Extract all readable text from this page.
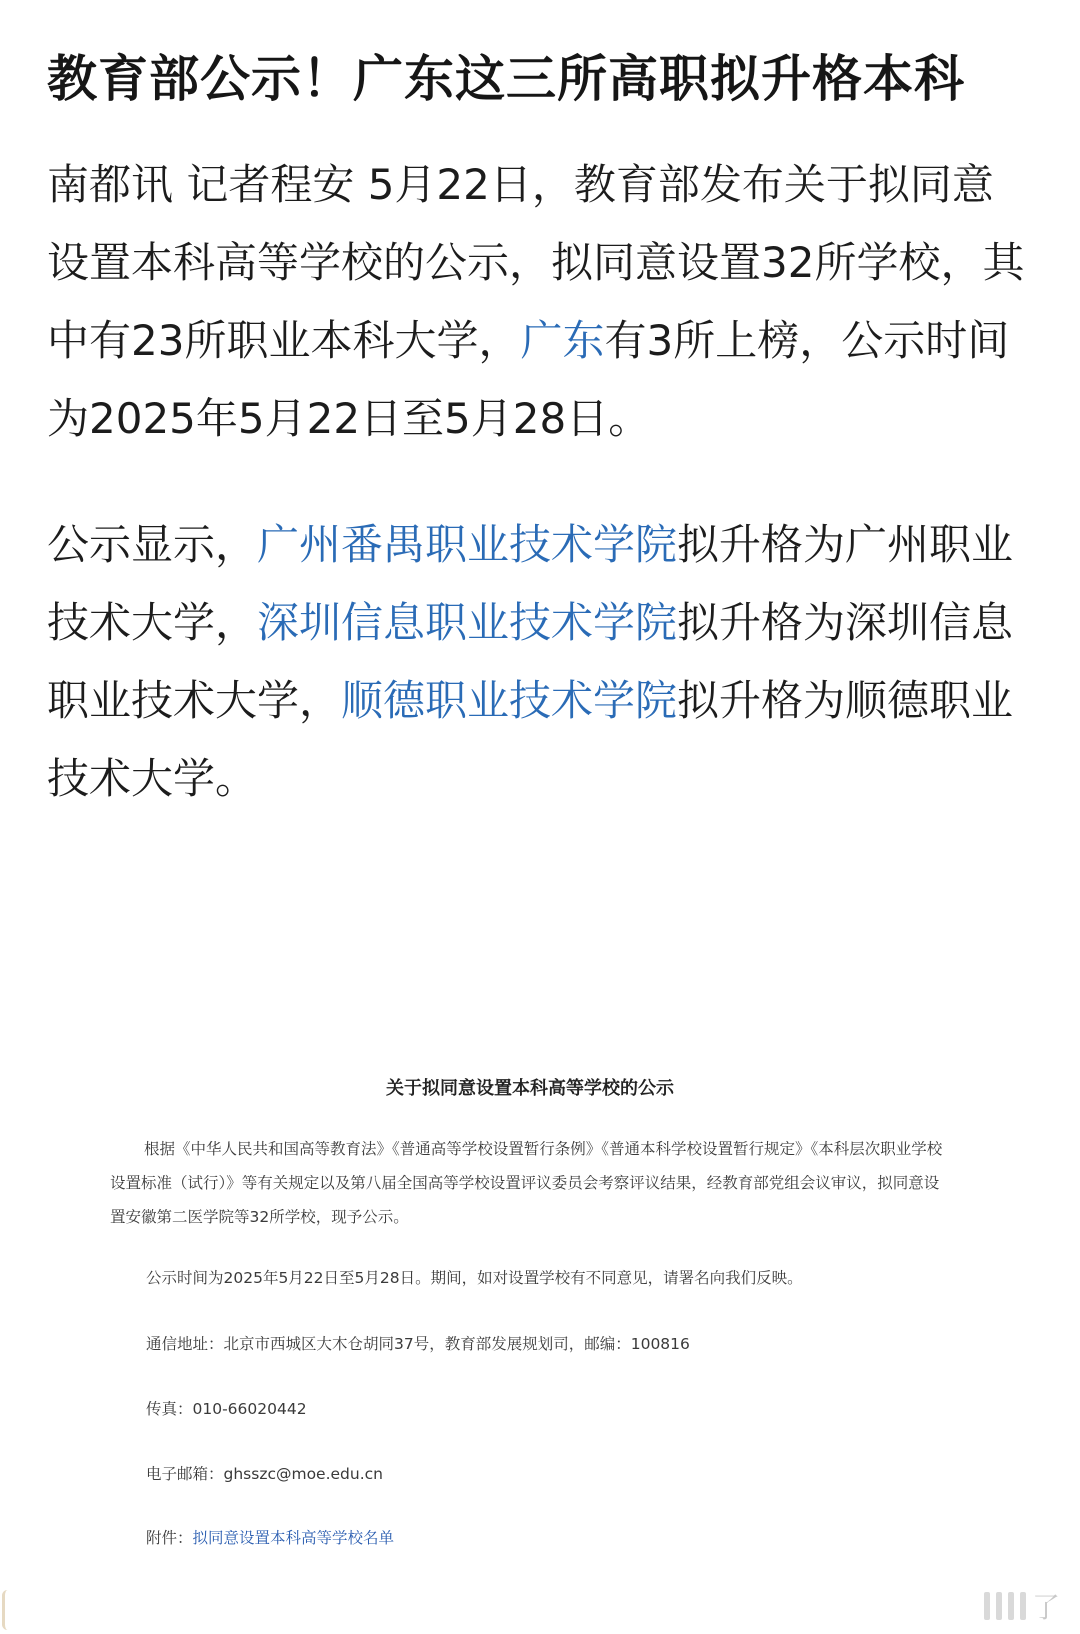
教育部公示！广东这三所高职拟升格本科

南都讯 记者程安 5月22日，教育部发布关于拟同意设置本科高等学校的公示，拟同意设置32所学校，其中有23所职业本科大学，广东有3所上榜，公示时间为2025年5月22日至5月28日。

公示显示，广州番禺职业技术学院拟升格为广州职业技术大学，深圳信息职业技术学院拟升格为深圳信息职业技术大学，顺德职业技术学院拟升格为顺德职业技术大学。

关于拟同意设置本科高等学校的公示

根据《中华人民共和国高等教育法》《普通高等学校设置暂行条例》《普通本科学校设置暂行规定》《本科层次职业学校设置标准（试行）》等有关规定以及第八届全国高等学校设置评议委员会考察评议结果，经教育部党组会议审议，拟同意设置安徽第二医学院等32所学校，现予公示。

公示时间为2025年5月22日至5月28日。期间，如对设置学校有不同意见，请署名向我们反映。
通信地址：北京市西城区大木仓胡同37号，教育部发展规划司，邮编：100816
传真：010-66020442
电子邮箱：ghsszc@moe.edu.cn
附件：拟同意设置本科高等学校名单
了
